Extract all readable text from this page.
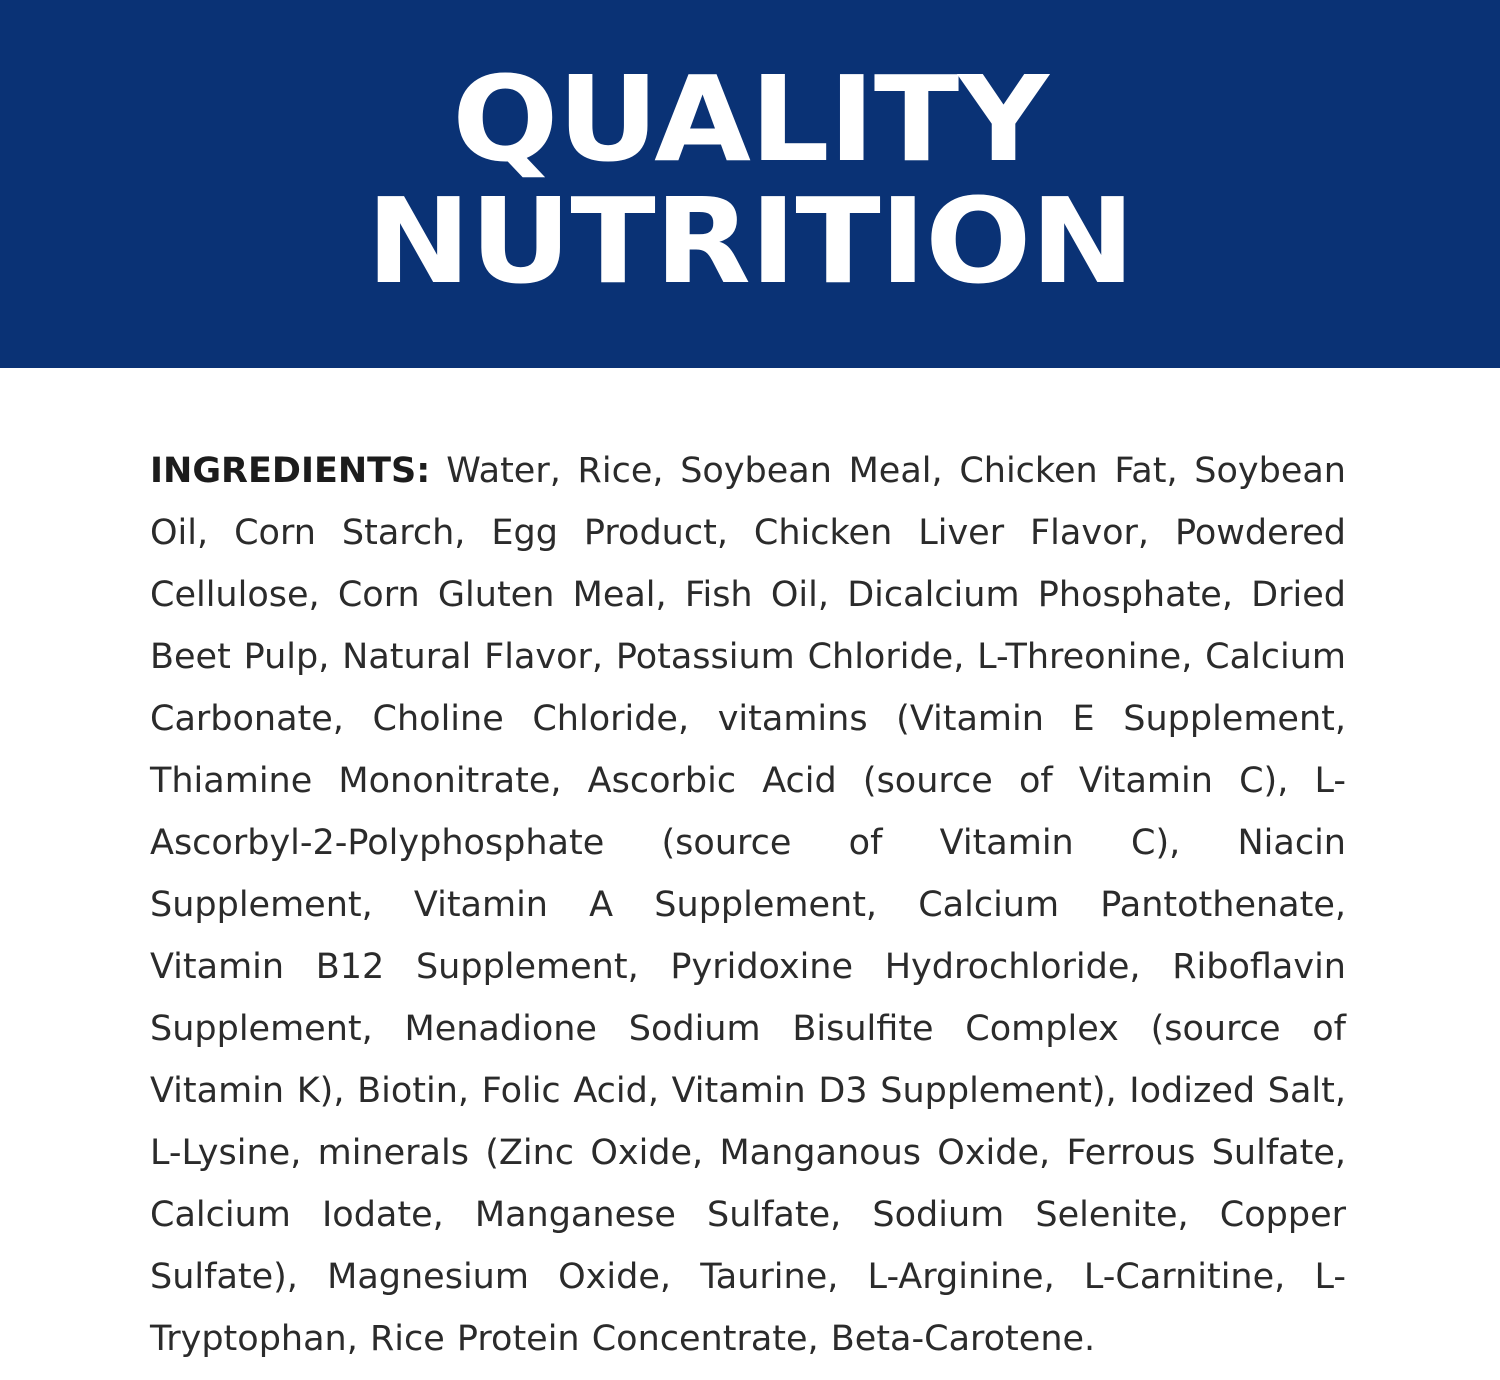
QUALITY
NUTRITION

INGREDIENTS: Water, Rice, Soybean Meal, Chicken Fat, Soybean Oil, Corn Starch, Egg Product, Chicken Liver Flavor, Powdered Cellulose, Corn Gluten Meal, Fish Oil, Dicalcium Phosphate, Dried Beet Pulp, Natural Flavor, Potassium Chloride, L-Threonine, Calcium Carbonate, Choline Chloride, vitamins (Vitamin E Supplement, Thiamine Mononitrate, Ascorbic Acid (source of Vitamin C), L-Ascorbyl-2-Polyphosphate (source of Vitamin C), Niacin Supplement, Vitamin A Supplement, Calcium Pantothenate, Vitamin B12 Supplement, Pyridoxine Hydrochloride, Riboflavin Supplement, Menadione Sodium Bisulfite Complex (source of Vitamin K), Biotin, Folic Acid, Vitamin D3 Supplement), Iodized Salt, L-Lysine, minerals (Zinc Oxide, Manganous Oxide, Ferrous Sulfate, Calcium Iodate, Manganese Sulfate, Sodium Selenite, Copper Sulfate), Magnesium Oxide, Taurine, L-Arginine, L-Carnitine, L-Tryptophan, Rice Protein Concentrate, Beta-Carotene.
